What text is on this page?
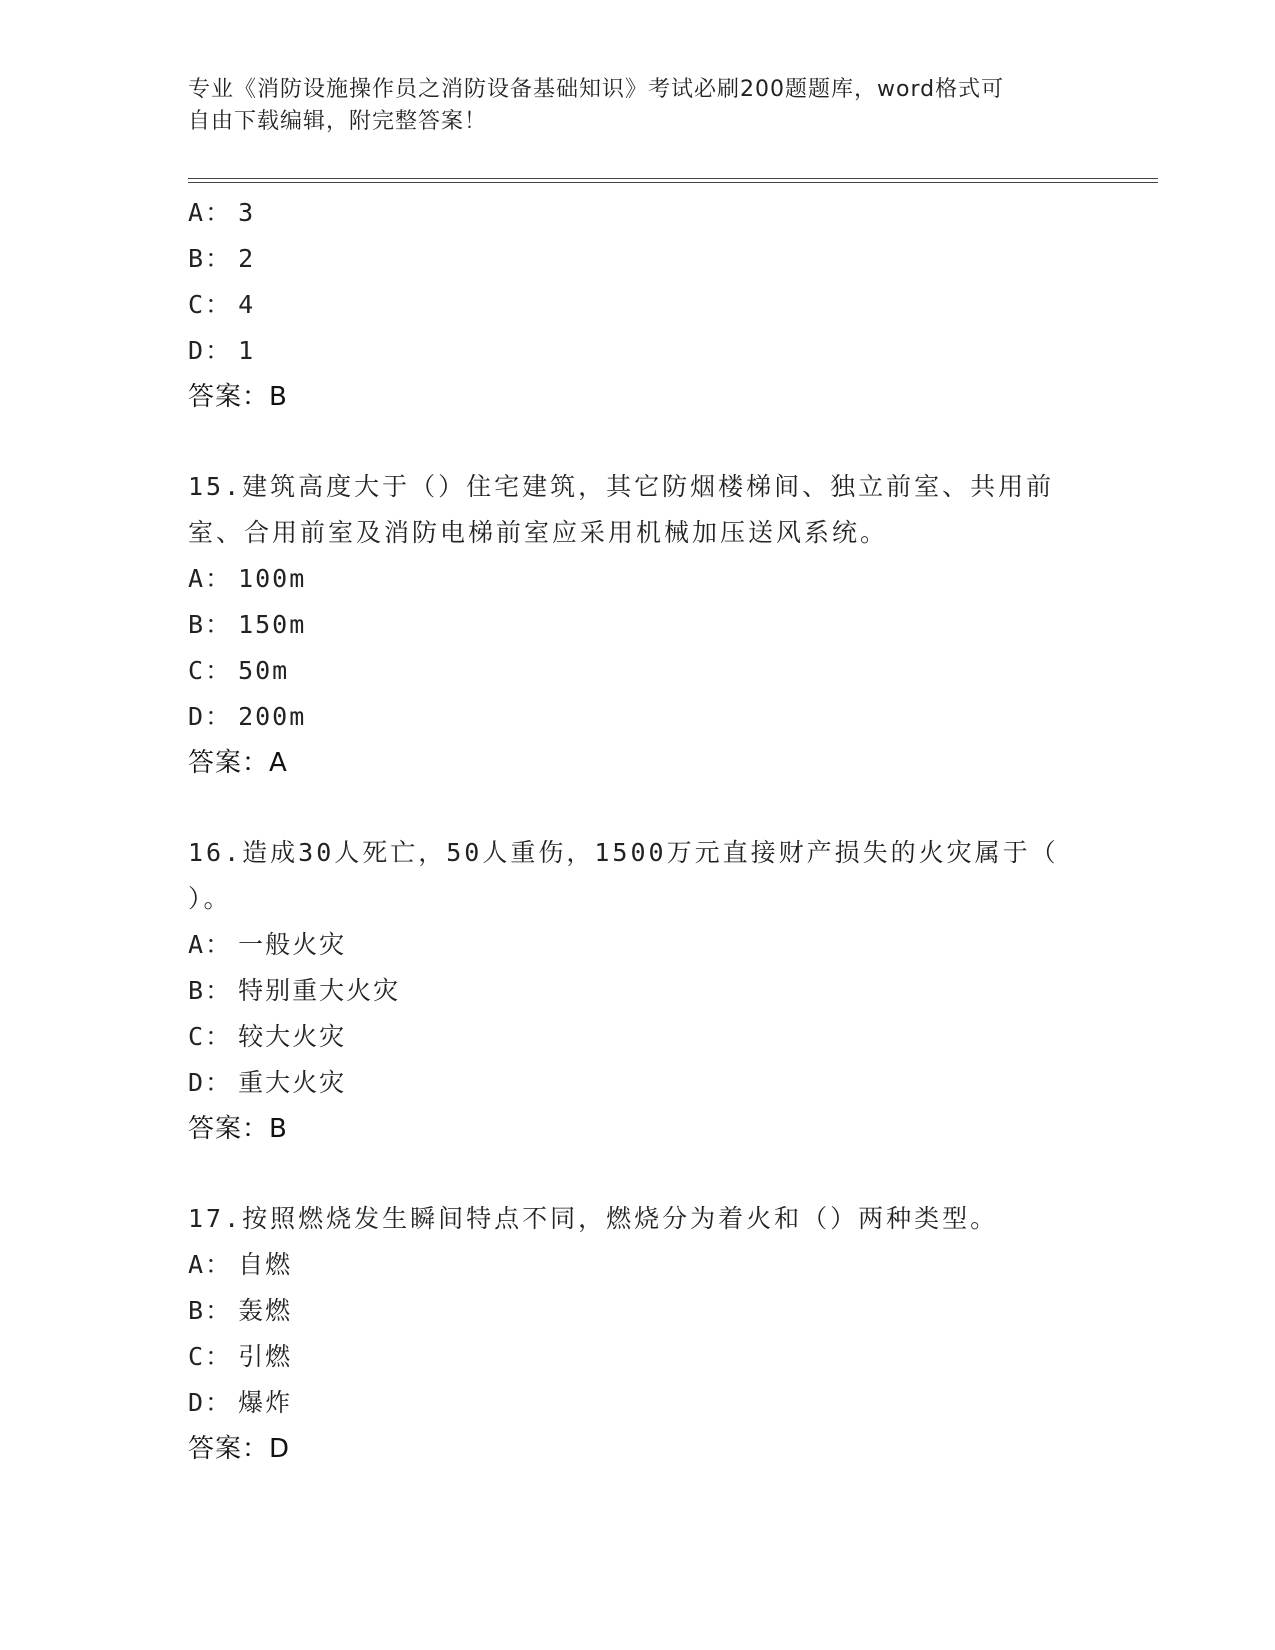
专业《消防设施操作员之消防设备基础知识》考试必刷200题题库，word格式可
自由下载编辑，附完整答案！
A： 3
B： 2
C： 4
D： 1
答案：B
15.建筑高度大于（）住宅建筑，其它防烟楼梯间、独立前室、共用前
室、合用前室及消防电梯前室应采用机械加压送风系统。
A： 100m
B： 150m
C： 50m
D： 200m
答案：A
16.造成30人死亡，50人重伤，1500万元直接财产损失的火灾属于（
）。
A： 一般火灾
B： 特别重大火灾
C： 较大火灾
D： 重大火灾
答案：B
17.按照燃烧发生瞬间特点不同，燃烧分为着火和（）两种类型。
A： 自燃
B： 轰燃
C： 引燃
D： 爆炸
答案：D
